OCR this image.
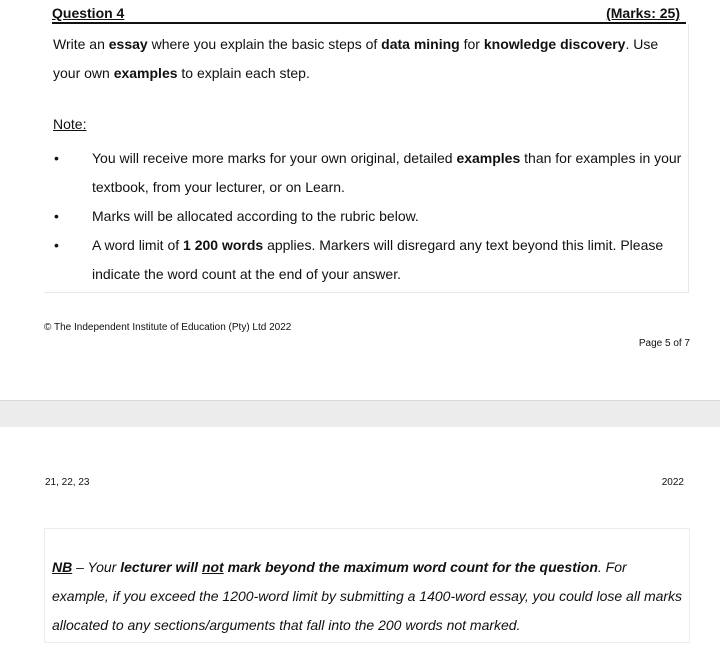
Question 4	(Marks: 25)
Write an essay where you explain the basic steps of data mining for knowledge discovery. Use your own examples to explain each step.
Note:
• You will receive more marks for your own original, detailed examples than for examples in your textbook, from your lecturer, or on Learn.
• Marks will be allocated according to the rubric below.
• A word limit of 1 200 words applies. Markers will disregard any text beyond this limit. Please indicate the word count at the end of your answer.
© The Independent Institute of Education (Pty) Ltd 2022
Page 5 of 7
21, 22, 23	2022
NB – Your lecturer will not mark beyond the maximum word count for the question. For example, if you exceed the 1200-word limit by submitting a 1400-word essay, you could lose all marks allocated to any sections/arguments that fall into the 200 words not marked.
